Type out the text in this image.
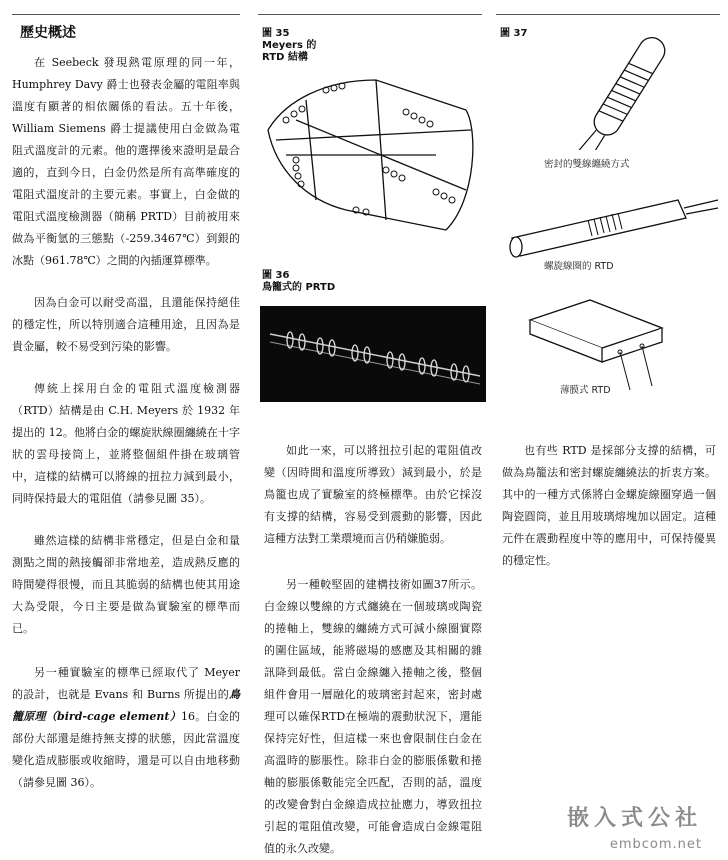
歷史概述

在 Seebeck 發現熱電原理的同一年，Humphrey Davy 爵士也發表金屬的電阻率與溫度有顯著的相依關係的看法。五十年後，William Siemens 爵士提議使用白金做為電阻式溫度計的元素。他的選擇後來證明是最合適的，直到今日，白金仍然是所有高準確度的電阻式溫度計的主要元素。事實上，白金做的電阻式溫度檢測器（簡稱 PRTD）目前被用來做為平衡氫的三態點（-259.3467℃）到銀的冰點（961.78℃）之間的內插運算標準。

因為白金可以耐受高溫，且還能保持絕佳的穩定性，所以特別適合這種用途，且因為是貴金屬，較不易受到污染的影響。

傳統上採用白金的電阻式溫度檢測器（RTD）結構是由 C.H. Meyers 於 1932 年提出的 12。他將白金的螺旋狀線圈纏繞在十字狀的雲母接筒上，並將整個組件掛在玻璃管中，這樣的結構可以將線的扭拉力減到最小，同時保持最大的電阻值（請參見圖 35）。

雖然這樣的結構非常穩定，但是白金和量測點之間的熱接觸卻非常地差，造成熱反應的時間變得很慢，而且其脆弱的結構也使其用途大為受限，今日主要是做為實驗室的標準而已。

另一種實驗室的標準已經取代了 Meyer 的設計，也就是 Evans 和 Burns 所提出的鳥籠原理（bird-cage element）16。白金的部份大部還是維持無支撐的狀態，因此當溫度變化造成膨脹或收縮時，還是可以自由地移動（請參見圖 36）。

圖 35
Meyers 的
RTD 結構
圖 36
鳥籠式的 PRTD

如此一來，可以將扭拉引起的電阻值改變（因時間和溫度所導致）減到最小，於是鳥籠也成了實驗室的終極標準。由於它採沒有支撐的結構，容易受到震動的影響，因此這種方法對工業環境而言仍稍嫌脆弱。

另一種較堅固的建構技術如圖37所示。白金線以雙線的方式纏繞在一個玻璃或陶瓷的捲軸上，雙線的纏繞方式可減小線圈實際的圍住區域，能將磁場的感應及其相關的雜訊降到最低。當白金線纏入捲軸之後，整個組件會用一層融化的玻璃密封起來，密封處理可以確保RTD在極端的震動狀況下，還能保持完好性，但這樣一來也會限制住白金在高溫時的膨脹性。除非白金的膨脹係數和捲軸的膨脹係數能完全匹配，否則的話，溫度的改變會對白金線造成拉扯應力，導致扭拉引起的電阻值改變，可能會造成白金線電阻值的永久改變。

圖 37
密封的雙線纏繞方式
螺旋線圈的 RTD
薄膜式 RTD

也有些 RTD 是採部分支撐的結構，可做為鳥籠法和密封螺旋纏繞法的折衷方案。其中的一種方式係將白金螺旋線圈穿過一個陶瓷圓筒，並且用玻璃熔塊加以固定。這種元件在震動程度中等的應用中，可保持優異的穩定性。

嵌入式公社
embcom.net
